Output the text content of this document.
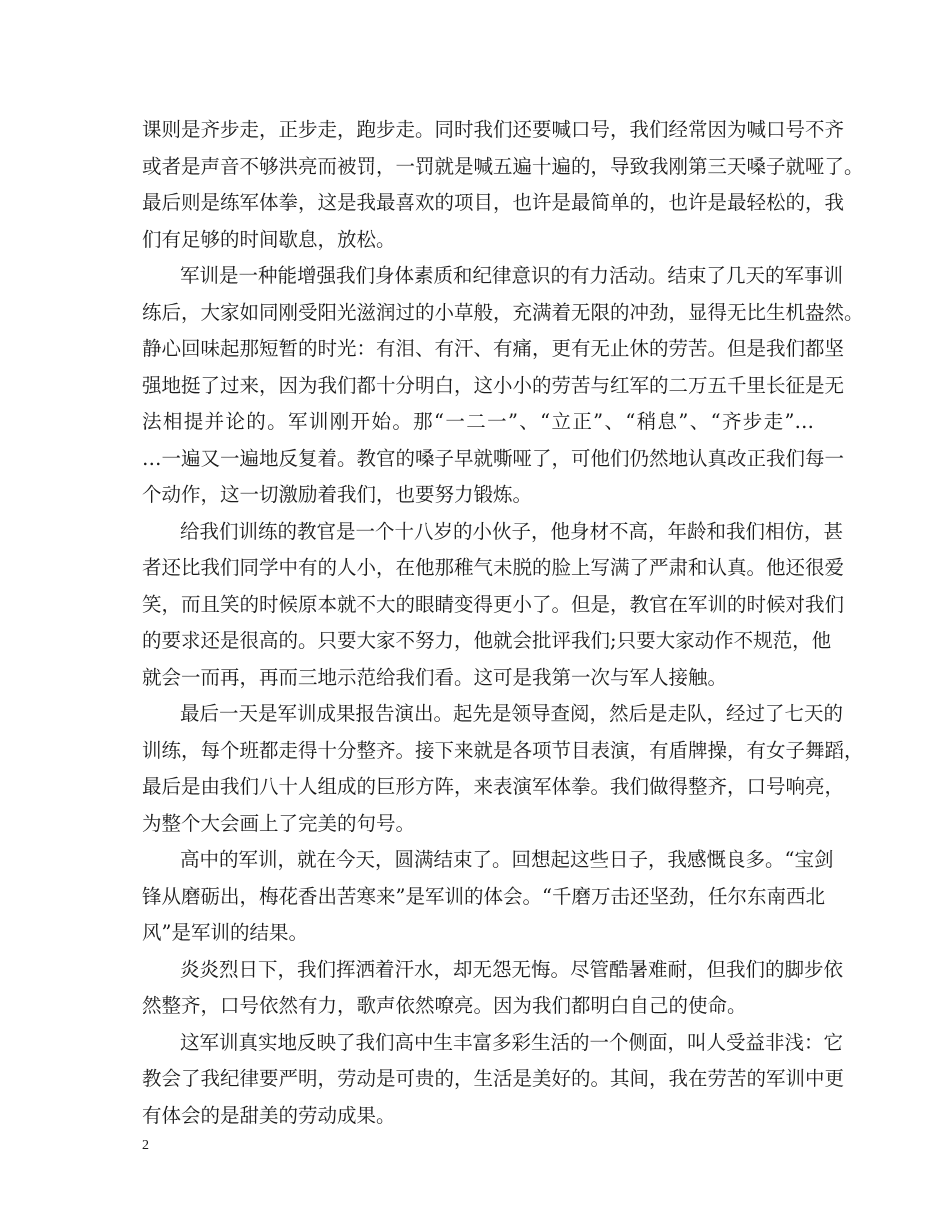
课则是齐步走，正步走，跑步走。同时我们还要喊口号，我们经常因为喊口号不齐
或者是声音不够洪亮而被罚，一罚就是喊五遍十遍的，导致我刚第三天嗓子就哑了。
最后则是练军体拳，这是我最喜欢的项目，也许是最简单的，也许是最轻松的，我
们有足够的时间歇息，放松。
军训是一种能增强我们身体素质和纪律意识的有力活动。结束了几天的军事训
练后，大家如同刚受阳光滋润过的小草般，充满着无限的冲劲，显得无比生机盎然。
静心回味起那短暂的时光：有泪、有汗、有痛，更有无止休的劳苦。但是我们都坚
强地挺了过来，因为我们都十分明白，这小小的劳苦与红军的二万五千里长征是无
法相提并论的。军训刚开始。那“一二一”、“立正”、“稍息”、“齐步走”…
…一遍又一遍地反复着。教官的嗓子早就嘶哑了，可他们仍然地认真改正我们每一
个动作，这一切激励着我们，也要努力锻炼。
给我们训练的教官是一个十八岁的小伙子，他身材不高，年龄和我们相仿，甚
者还比我们同学中有的人小，在他那稚气未脱的脸上写满了严肃和认真。他还很爱
笑，而且笑的时候原本就不大的眼睛变得更小了。但是，教官在军训的时候对我们
的要求还是很高的。只要大家不努力，他就会批评我们;只要大家动作不规范，他
就会一而再，再而三地示范给我们看。这可是我第一次与军人接触。
最后一天是军训成果报告演出。起先是领导查阅，然后是走队，经过了七天的
训练，每个班都走得十分整齐。接下来就是各项节目表演，有盾牌操，有女子舞蹈，
最后是由我们八十人组成的巨形方阵，来表演军体拳。我们做得整齐，口号响亮，
为整个大会画上了完美的句号。
高中的军训，就在今天，圆满结束了。回想起这些日子，我感慨良多。“宝剑
锋从磨砺出，梅花香出苦寒来”是军训的体会。“千磨万击还坚劲，任尔东南西北
风”是军训的结果。
炎炎烈日下，我们挥洒着汗水，却无怨无悔。尽管酷暑难耐，但我们的脚步依
然整齐，口号依然有力，歌声依然嘹亮。因为我们都明白自己的使命。
这军训真实地反映了我们高中生丰富多彩生活的一个侧面，叫人受益非浅：它
教会了我纪律要严明，劳动是可贵的，生活是美好的。其间，我在劳苦的军训中更
有体会的是甜美的劳动成果。
2
